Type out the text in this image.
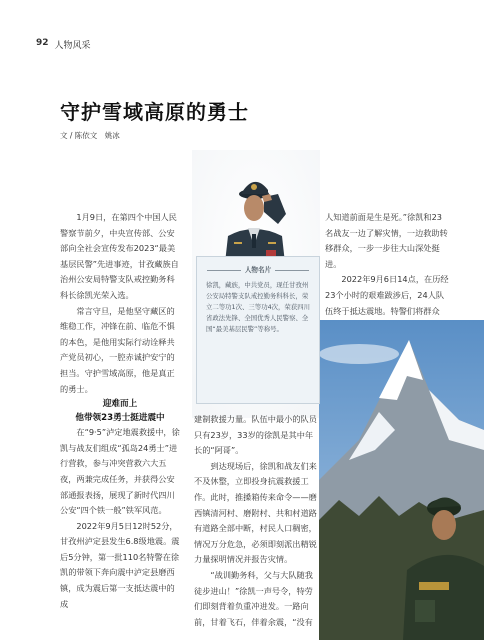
92 人物风采
守护雪域高原的勇士
文 / 陈依文　姚冰
人物名片
徐凯，藏族，中共党员，现任甘孜州公安局特警支队戒控勤务科科长，荣立二等功1次、三等功4次，荣获四川省政法先锋、全国优秀人民警察、全国“最美基层民警”等称号。

1月9日，在第四个中国人民警察节前夕，中央宣传部、公安部向全社会宣传发布2023“最美基层民警”先进事迹，甘孜藏族自治州公安局特警支队戒控勤务科科长徐凯光荣入选。

常言守旦，是他坚守藏区的维稳工作，冲锋在前、临危不惧的本色，是他用实际行动诠释共产党员初心，一腔赤诚护安宁的担当。守护雪域高原，他是真正的勇士。

迎难而上

他带领23勇士挺进震中

在“9·5”泸定地震救援中，徐凯与战友们组成“孤岛24勇士”进行营救，参与冲突营救六大五夜，两兼完成任务，并获得公安部通报表扬，展现了新时代四川公安“四个铁一般”铁军风范。

2022年9月5日12时52分，甘孜州泸定县发生6.8级地震。震后5分钟，第一批110名特警在徐凯的带领下奔向震中泸定县磨西镇，成为震后第一支抵达震中的成

建制救援力量。队伍中最小的队员只有23岁，33岁的徐凯是其中年长的“阿哥”。

到达现场后，徐凯和战友们来不及休整，立即投身抗震救援工作。此时，推搡箱传来命令——磨西镇清河村、磨附村、共和村道路有道路全部中断，村民人口稠密，情况万分危急，必须即刻派出精锐力量探明情况并报告灾情。

“战训勤务科，父与大队随我徒步进山！”徐凯一声号令，特劳们即刻背着负重冲进发。一路向前，甘着飞石，伴着余震，“没有

人知道前面是生是死。”徐凯和23名战友一边了解灾情，一边救助转移群众，一步一步往大山深处挺进。

2022年9月6日14点，在历经23个小时的艰难跋涉后，24人队伍终于抵达震地。特警们将群众
